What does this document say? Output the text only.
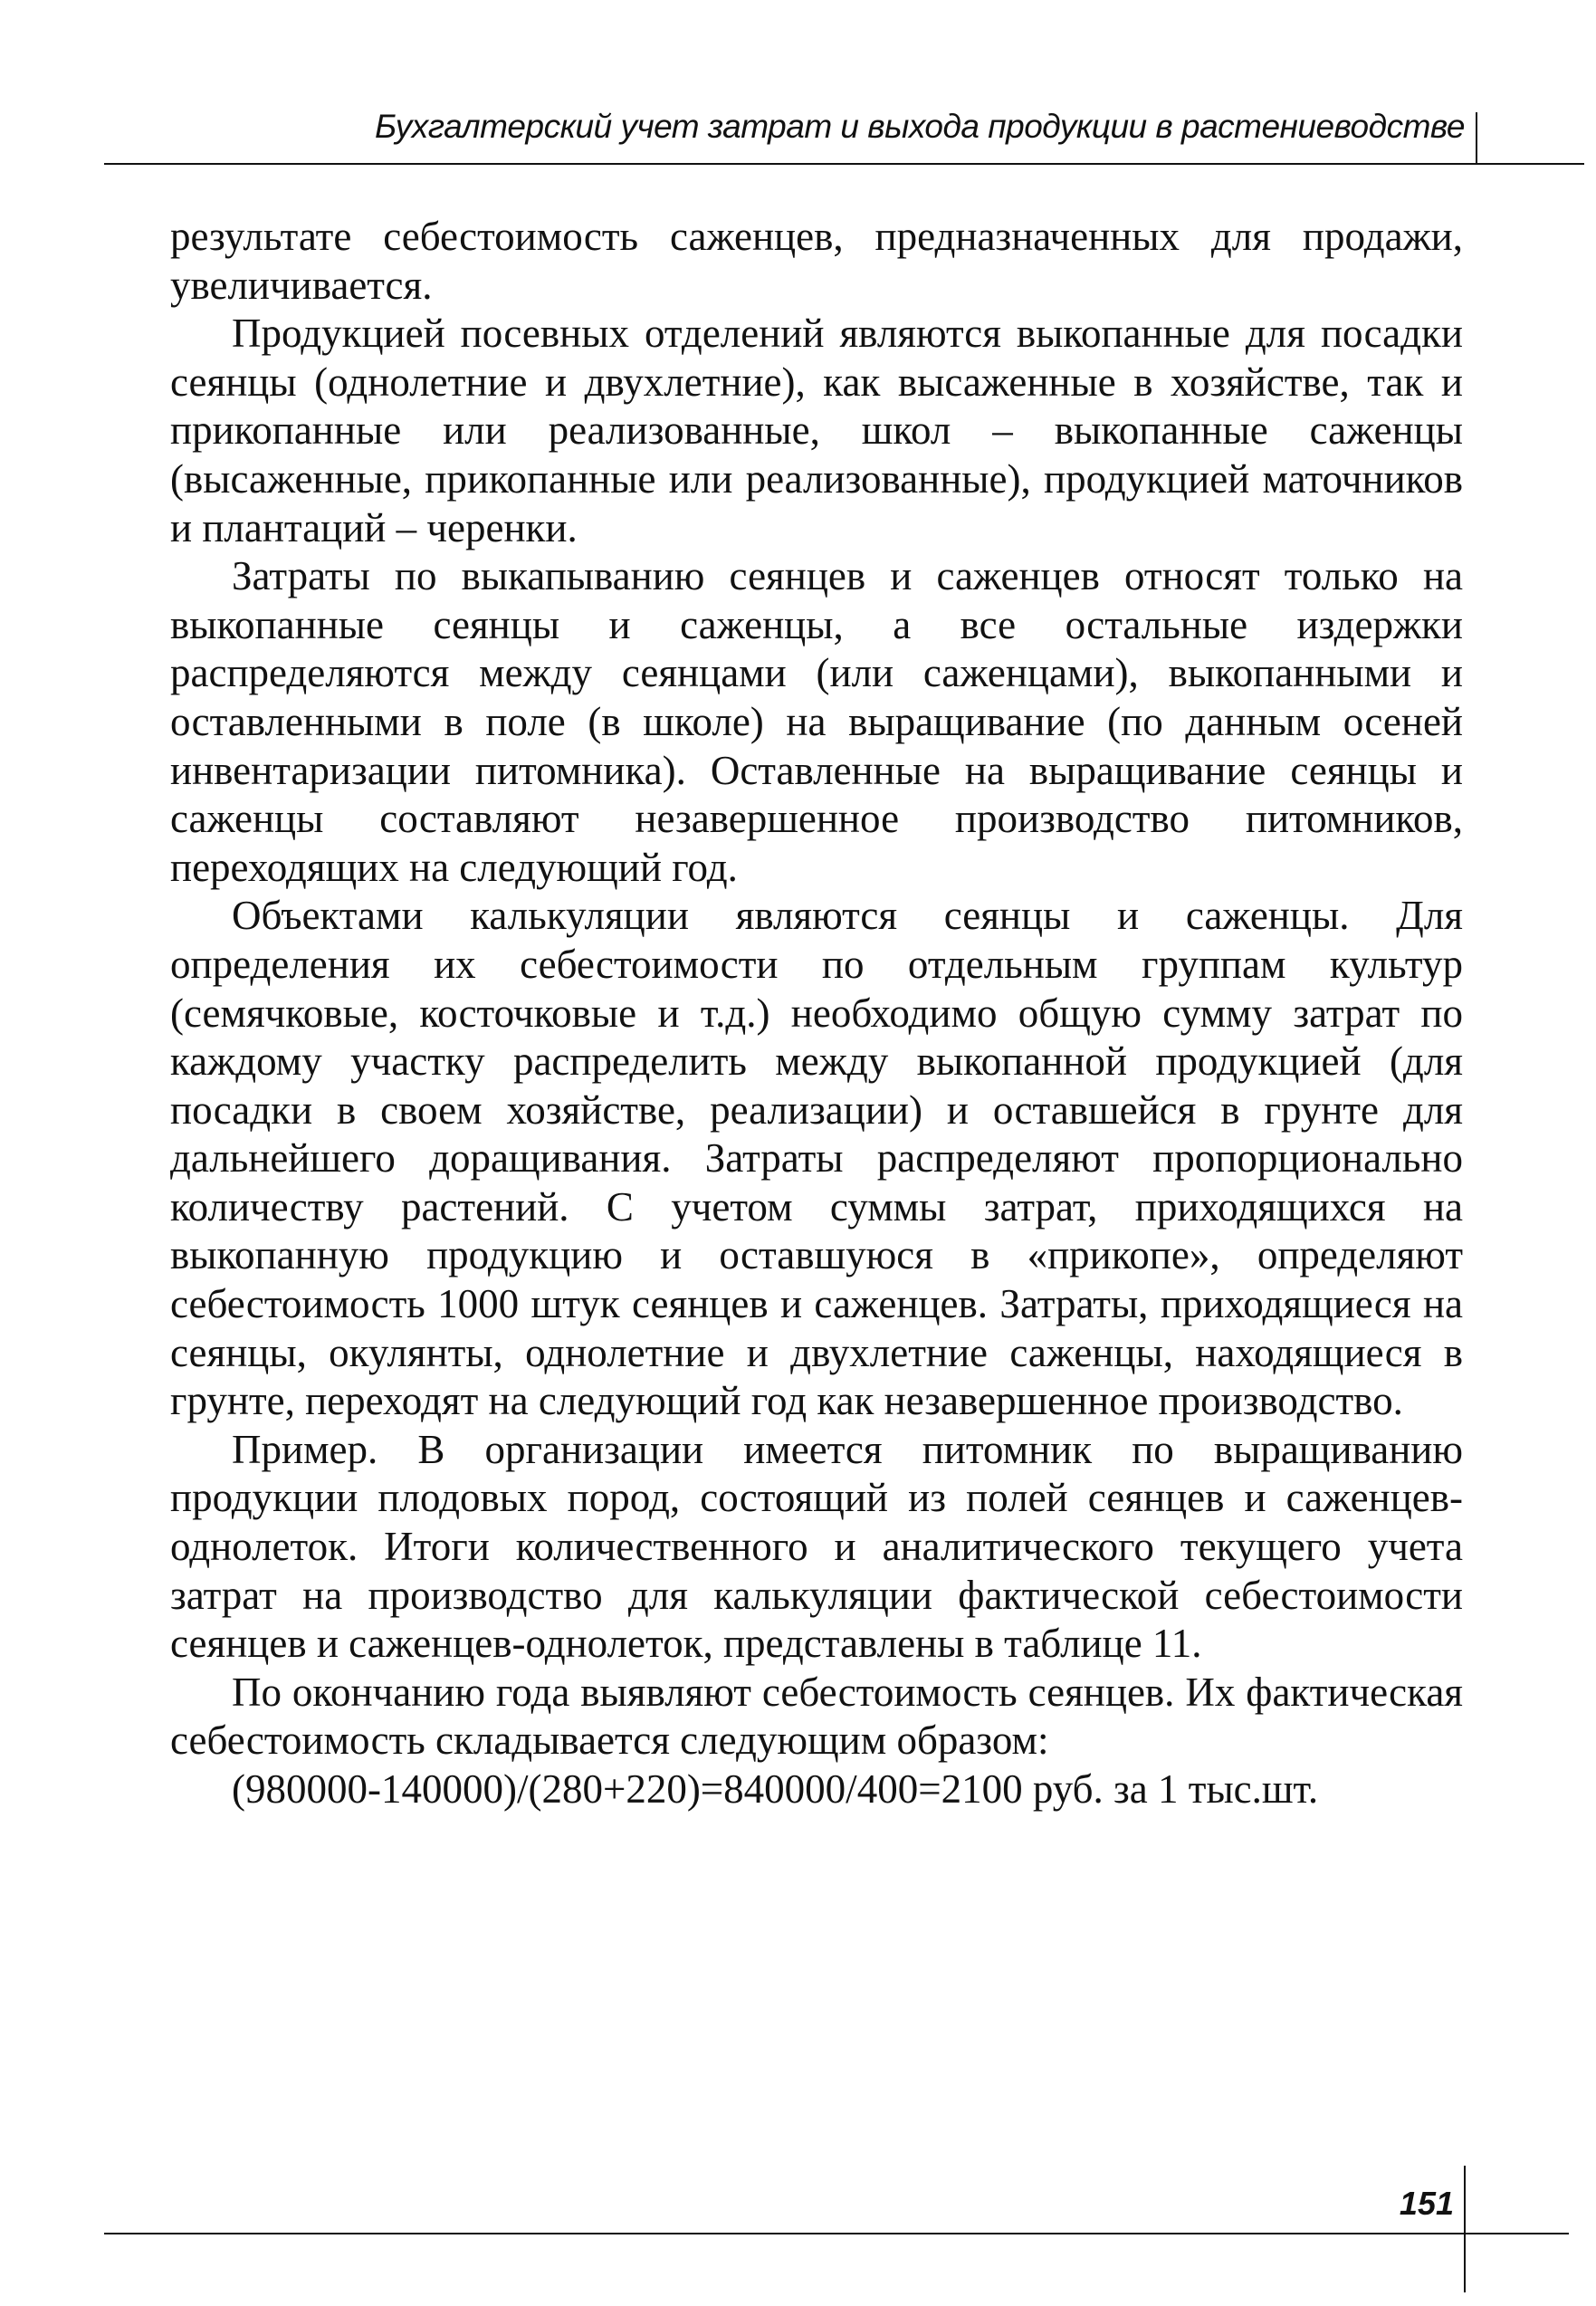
Бухгалтерский учет затрат и выхода продукции в растениеводстве

результате себестоимость саженцев, предназначенных для продажи, увеличивается.

Продукцией посевных отделений являются выкопанные для посадки сеянцы (однолетние и двухлетние), как высаженные в хозяйстве, так и прикопанные или реализованные, школ – выкопанные саженцы (высаженные, прикопанные или реализованные), продукцией маточников и плантаций – черенки.

Затраты по выкапыванию сеянцев и саженцев относят только на выкопанные сеянцы и саженцы, а все остальные издержки распределяются между сеянцами (или саженцами), выкопанными и оставленными в поле (в школе) на выращивание (по данным осеней инвентаризации питомника). Оставленные на выращивание сеянцы и саженцы составляют незавершенное производство питомников, переходящих на следующий год.

Объектами калькуляции являются сеянцы и саженцы. Для определения их себестоимости по отдельным группам культур (семячковые, косточковые и т.д.) необходимо общую сумму затрат по каждому участку распределить между выкопанной продукцией (для посадки в своем хозяйстве, реализации) и оставшейся в грунте для дальнейшего доращивания. Затраты распределяют пропорционально количеству растений. С учетом суммы затрат, приходящихся на выкопанную продукцию и оставшуюся в «прикопе», определяют себестоимость 1000 штук сеянцев и саженцев. Затраты, приходящиеся на сеянцы, окулянты, однолетние и двухлетние саженцы, находящиеся в грунте, переходят на следующий год как незавершенное производство.

Пример. В организации имеется питомник по выращиванию продукции плодовых пород, состоящий из полей сеянцев и саженцев-однолеток. Итоги количественного и аналитического текущего учета затрат на производство для калькуляции фактической себестоимости сеянцев и саженцев-однолеток, представлены в таблице 11.

По окончанию года выявляют себестоимость сеянцев. Их фактическая себестоимость складывается следующим образом:

(980000-140000)/(280+220)=840000/400=2100 руб. за 1 тыс.шт.

151
